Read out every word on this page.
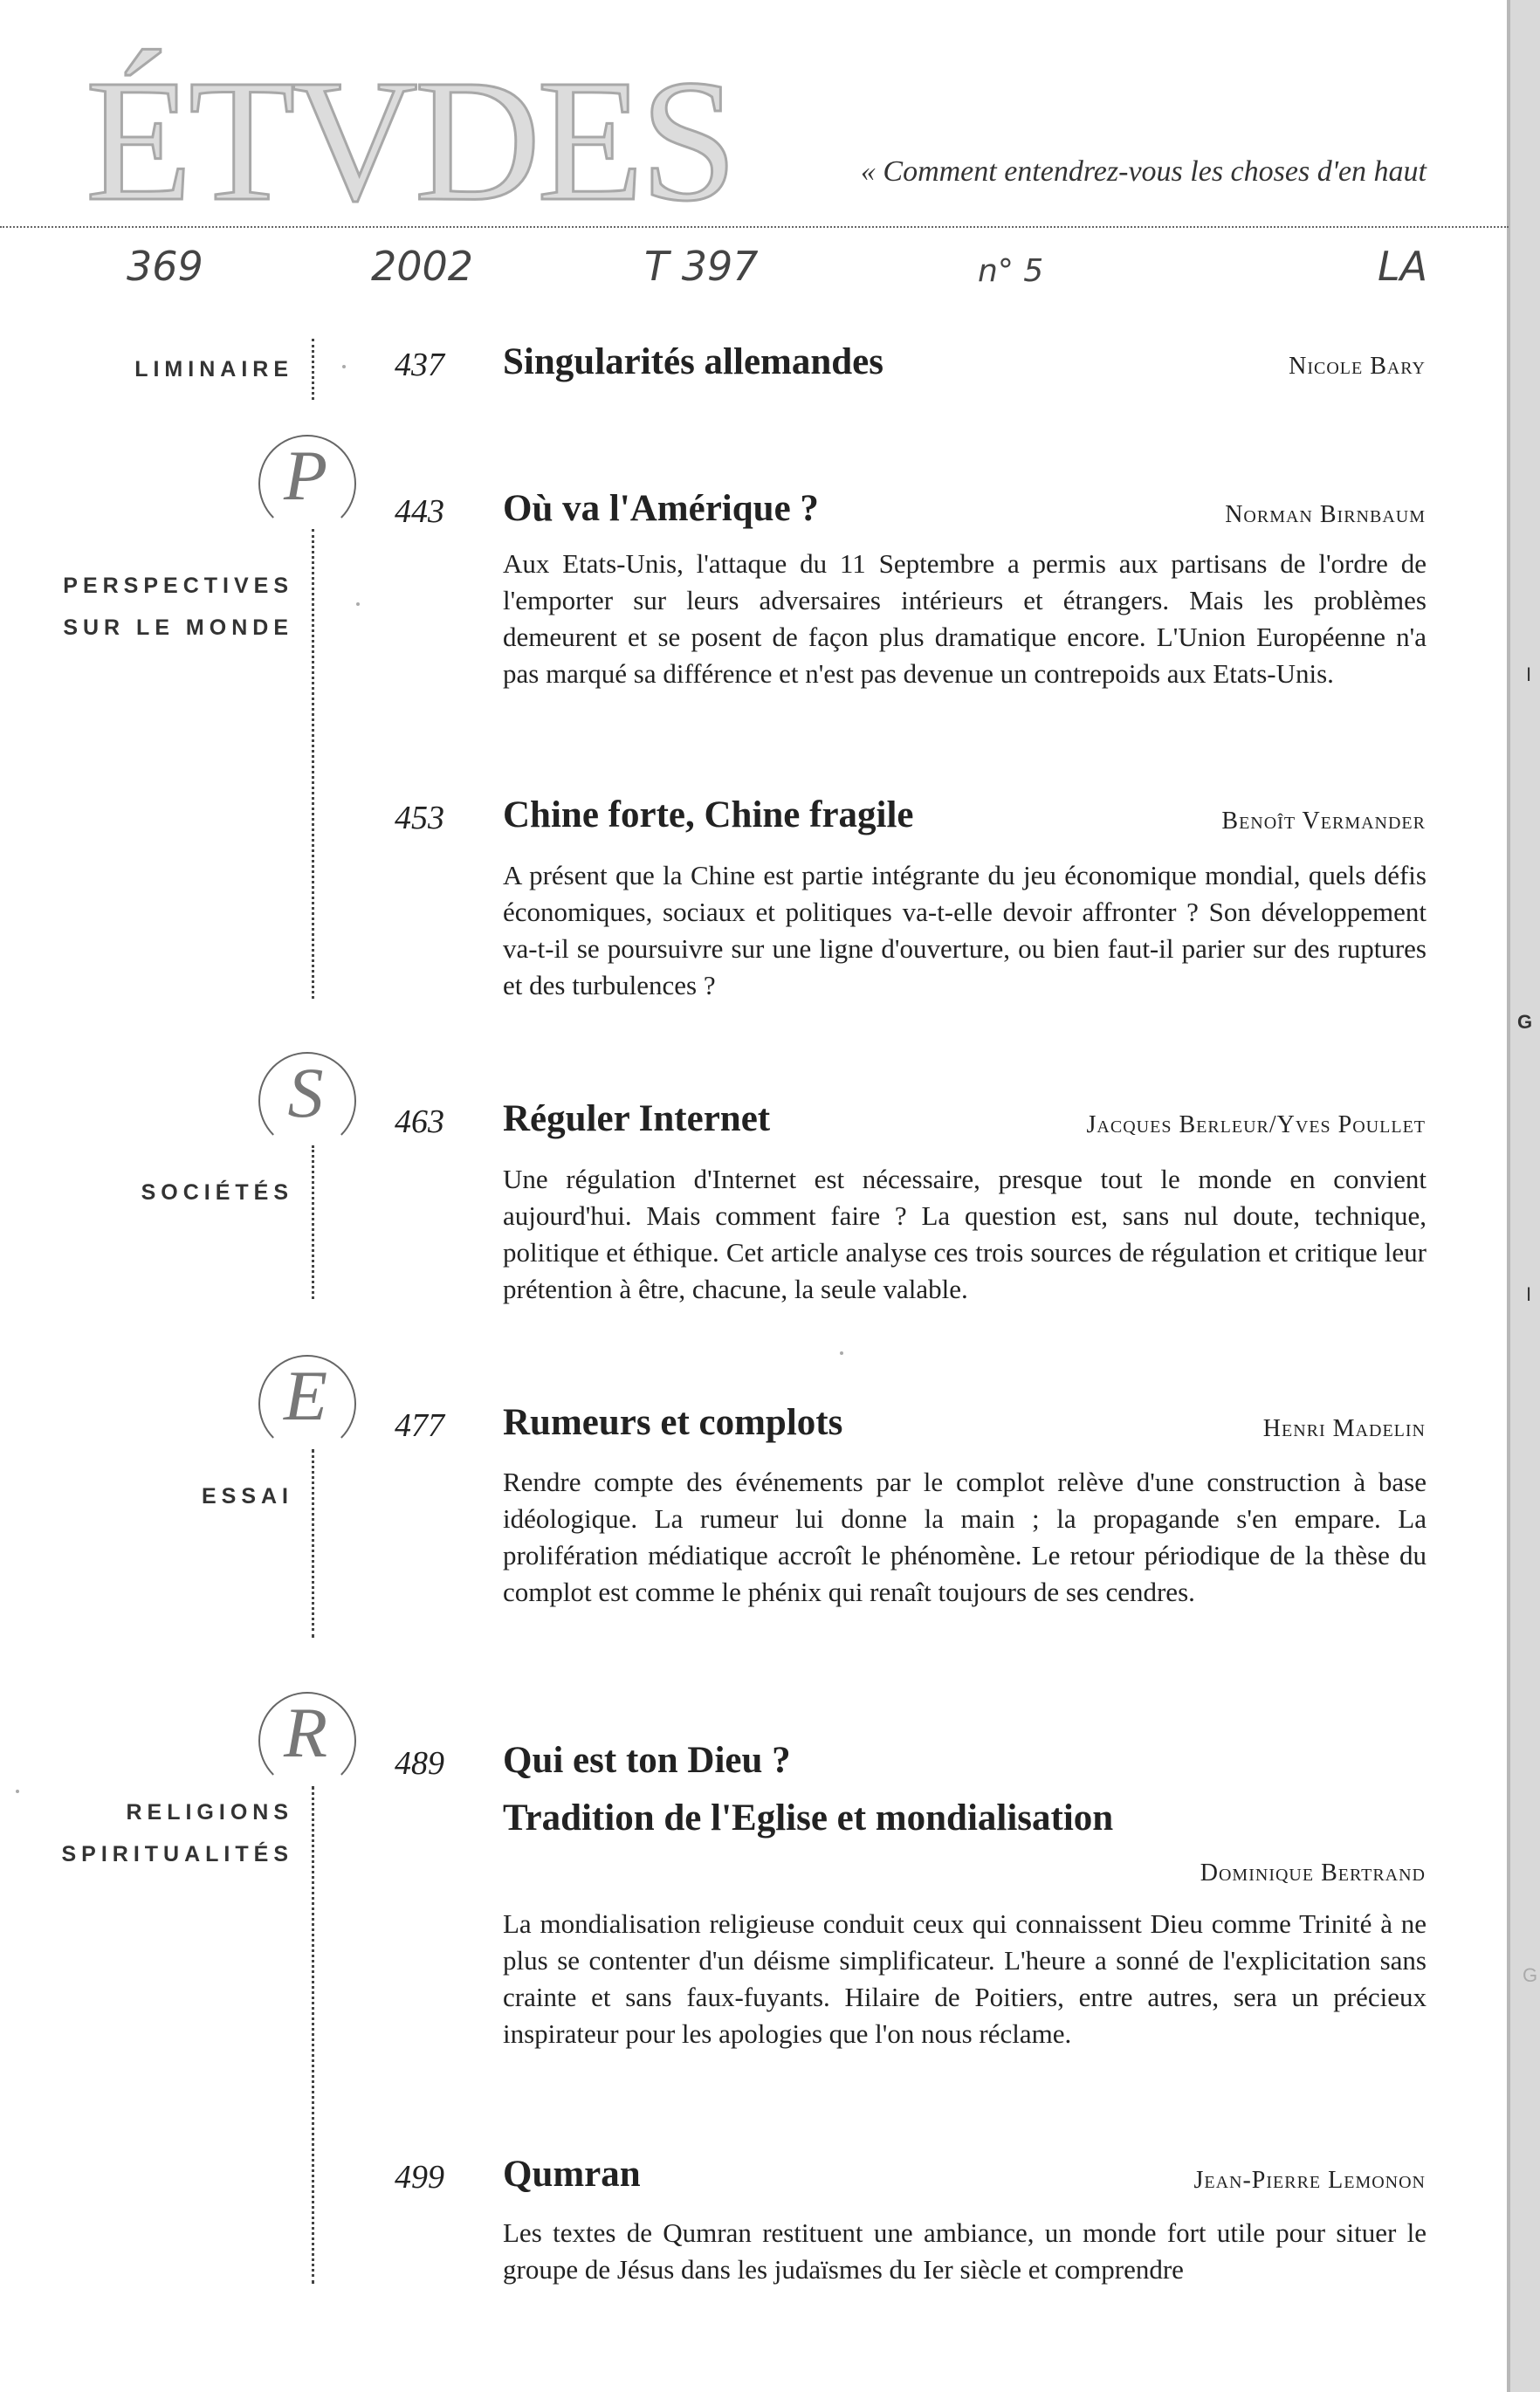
I
G
I
G
ÉTVDES	« Comment entendrez-vous les choses d'en haut
369	2002	T 397	n° 5	LA
LIMINAIRE
P
PERSPECTIVES
SUR LE MONDE
S
SOCIÉTÉS
E
ESSAI
R
RELIGIONS
SPIRITUALITÉS
437	Singularités allemandes	Nicole Bary
443	Où va l'Amérique ?	Norman Birnbaum

Aux Etats-Unis, l'attaque du 11 Septembre a permis aux partisans de l'ordre de l'emporter sur leurs adversaires intérieurs et étrangers. Mais les problèmes demeurent et se posent de façon plus dramatique encore. L'Union Européenne n'a pas marqué sa différence et n'est pas devenue un contrepoids aux Etats-Unis.

453	Chine forte, Chine fragile	Benoît Vermander

A présent que la Chine est partie intégrante du jeu économique mondial, quels défis économiques, sociaux et politiques va-t-elle devoir affronter ? Son développement va-t-il se poursuivre sur une ligne d'ouverture, ou bien faut-il parier sur des ruptures et des turbulences ?

463	Réguler Internet	Jacques Berleur/Yves Poullet

Une régulation d'Internet est nécessaire, presque tout le monde en convient aujourd'hui. Mais comment faire ? La question est, sans nul doute, technique, politique et éthique. Cet article analyse ces trois sources de régulation et critique leur prétention à être, chacune, la seule valable.

477	Rumeurs et complots	Henri Madelin

Rendre compte des événements par le complot relève d'une construction à base idéologique. La rumeur lui donne la main ; la propagande s'en empare. La prolifération médiatique accroît le phénomène. Le retour périodique de la thèse du complot est comme le phénix qui renaît toujours de ses cendres.

489	Qui est ton Dieu ?
Tradition de l'Eglise et mondialisation
Dominique Bertrand

La mondialisation religieuse conduit ceux qui connaissent Dieu comme Trinité à ne plus se contenter d'un déisme simplificateur. L'heure a sonné de l'explicitation sans crainte et sans faux-fuyants. Hilaire de Poitiers, entre autres, sera un précieux inspirateur pour les apologies que l'on nous réclame.

499	Qumran	Jean-Pierre Lemonon

Les textes de Qumran restituent une ambiance, un monde fort utile pour situer le groupe de Jésus dans les judaïsmes du Ier siècle et comprendre
